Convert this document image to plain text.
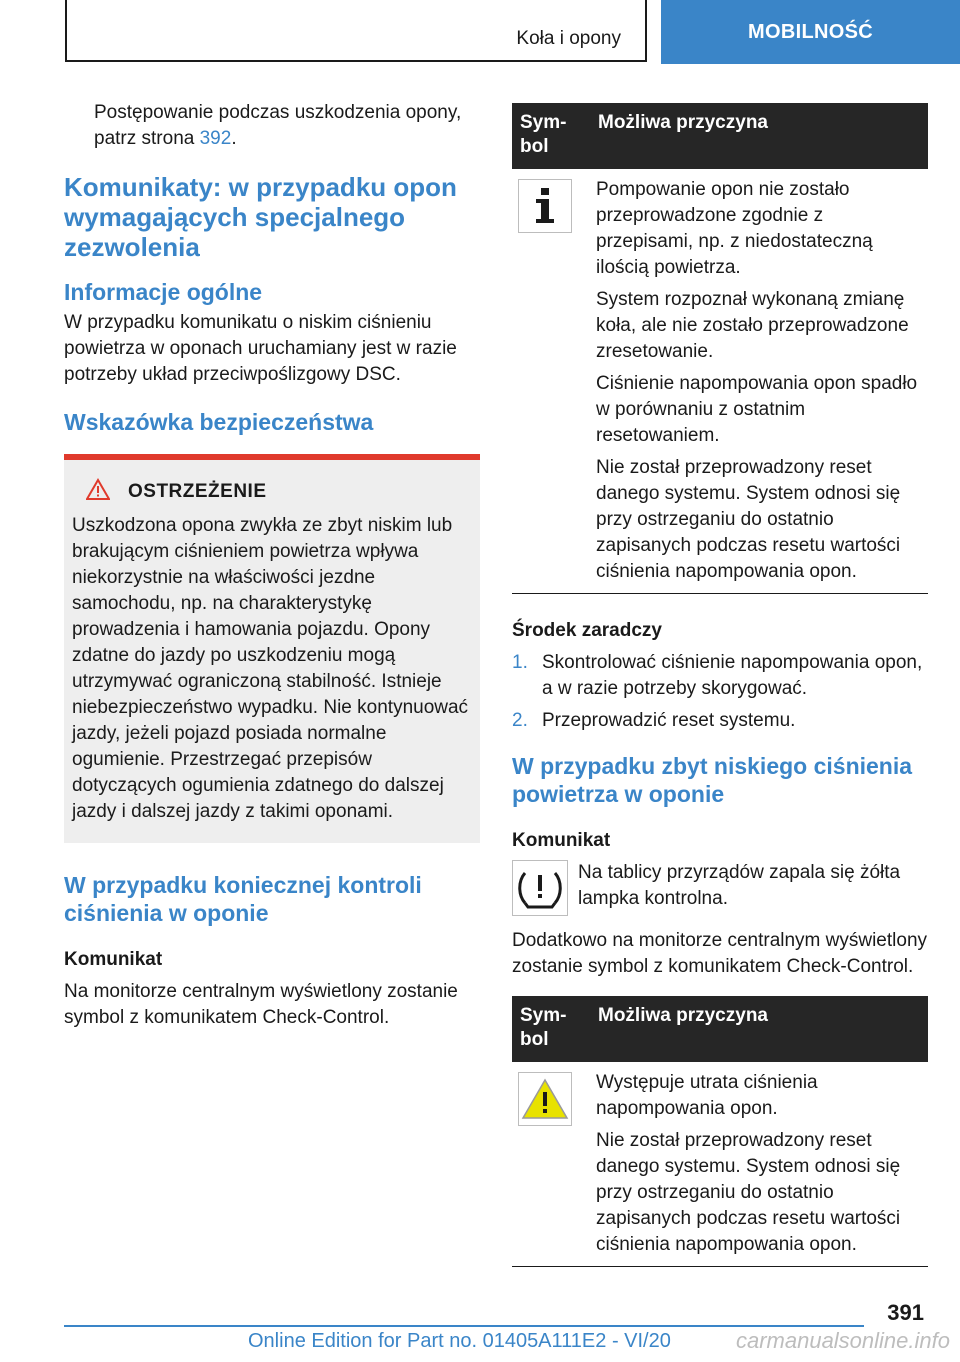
Koła i opony	MOBILNOŚĆ

Postępowanie podczas uszkodzenia opony, patrz strona 392.

Komunikaty: w przypadku opon wymagających specjalnego zezwolenia
Informacje ogólne

W przypadku komunikatu o niskim ciśnieniu powietrza w oponach uruchamiany jest w razie potrzeby układ przeciwpoślizgowy DSC.

Wskazówka bezpieczeństwa
OSTRZEŻENIE

Uszkodzona opona zwykła ze zbyt niskim lub brakującym ciśnieniem powietrza wpływa niekorzystnie na właściwości jezdne samochodu, np. na charakterystykę prowadzenia i hamowania pojazdu. Opony zdatne do jazdy po uszkodzeniu mogą utrzymywać ograniczoną stabilność. Istnieje niebezpieczeństwo wypadku. Nie kontynuować jazdy, jeżeli pojazd posiada normalne ogumienie. Przestrzegać przepisów dotyczących ogumienia zdatnego do dalszej jazdy i dalszej jazdy z takimi oponami.

W przypadku koniecznej kontroli ciśnienia w oponie
Komunikat

Na monitorze centralnym wyświetlony zostanie symbol z komunikatem Check-Control.

Sym-
bol	Możliwa przyczyna

Pompowanie opon nie zostało przeprowadzone zgodnie z przepisami, np. z niedostateczną ilością powietrza.

System rozpoznał wykonaną zmianę koła, ale nie zostało przeprowadzone zresetowanie.

Ciśnienie napompowania opon spadło w porównaniu z ostatnim resetowaniem.

Nie został przeprowadzony reset danego systemu. System odnosi się przy ostrzeganiu do ostatnio zapisanych podczas resetu wartości ciśnienia napompowania opon.

Środek zaradczy
1. Skontrolować ciśnienie napompowania opon, a w razie potrzeby skorygować.
2. Przeprowadzić reset systemu.
W przypadku zbyt niskiego ciśnienia powietrza w oponie
Komunikat

Na tablicy przyrządów zapala się żółta lampka kontrolna.

Dodatkowo na monitorze centralnym wyświetlony zostanie symbol z komunikatem Check-Control.

Sym-
bol	Możliwa przyczyna

Występuje utrata ciśnienia napompowania opon.

Nie został przeprowadzony reset danego systemu. System odnosi się przy ostrzeganiu do ostatnio zapisanych podczas resetu wartości ciśnienia napompowania opon.

391
Online Edition for Part no. 01405A111E2 - VI/20	carmanualsonline.info
